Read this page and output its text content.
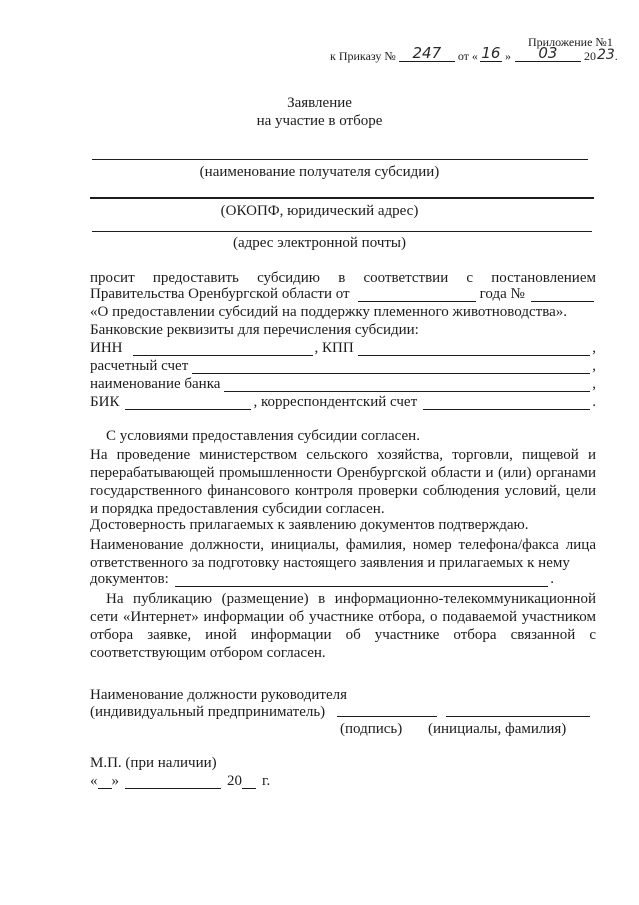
Приложение №1
к Приказу №	247	от « 16 »	03	20 23 .
Заявление
на участие в отборе
(наименование получателя субсидии)
(ОКОПФ, юридический адрес)
(адрес электронной почты)
просит предоставить субсидию в соответствии с постановлением
Правительства Оренбургской области от	года №
«О предоставлении субсидий на поддержку племенного животноводства».
Банковские реквизиты для перечисления субсидии:
ИНН	, КПП	,
расчетный счет	,
наименование банка	,
БИК	, корреспондентский счет	.
С условиями предоставления субсидии согласен.

На проведение министерством сельского хозяйства, торговли, пищевой и перерабатывающей промышленности Оренбургской области и (или) органами государственного финансового контроля проверки соблюдения условий, цели и порядка предоставления субсидии согласен.

Достоверность прилагаемых к заявлению документов подтверждаю.

Наименование должности, инициалы, фамилия, номер телефона/факса лица ответственного за подготовку настоящего заявления и прилагаемых к нему

документов:	.

На публикацию (размещение) в информационно-телекоммуникационной сети «Интернет» информации об участнике отбора, о подаваемой участником отбора заявке, иной информации об участнике отбора связанной с соответствующим отбором согласен.

Наименование должности руководителя
(индивидуальный предприниматель)
(подпись) (инициалы, фамилия)
М.П. (при наличии)
« »	20 г.
